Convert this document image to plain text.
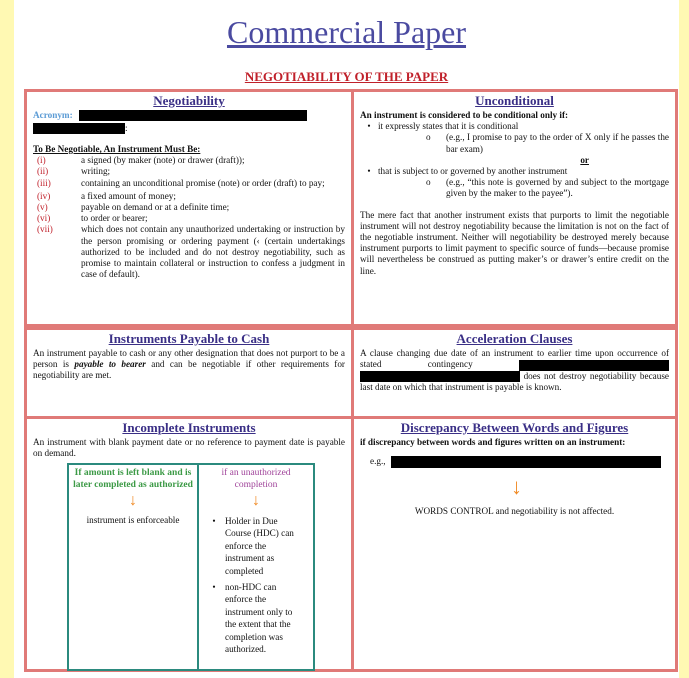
Commercial Paper
NEGOTIABILITY OF THE PAPER
Negotiability
Acronym:
:
To Be Negotiable, An Instrument Must Be:
(i)	a signed (by maker (note) or drawer (draft));
(ii)	writing;
(iii)	containing an unconditional promise (note) or order (draft) to pay;
(iv)	a fixed amount of money;
(v)	payable on demand or at a definite time;
(vi)	to order or bearer;
(vii)	which does not contain any unauthorized undertaking or instruction by the person promising or ordering payment (‹ (certain undertakings authorized to be included and do not destroy negotiability, such as promise to maintain collateral or instruction to confess a judgment in case of default).
Unconditional
An instrument is considered to be conditional only if:
• it expressly states that it is conditional
o	(e.g., I promise to pay to the order of X only if he passes the bar exam)
or
• that is subject to or governed by another instrument
o	(e.g., “this note is governed by and subject to the mortgage given by the maker to the payee”).
The mere fact that another instrument exists that purports to limit the negotiable instrument will not destroy negotiability because the limitation is not on the fact of the negotiable instrument. Neither will negotiability be destroyed merely because instrument purports to limit payment to specific source of funds—because promise will nevertheless be construed as putting maker’s or drawer’s entire credit on the line.
Instruments Payable to Cash
An instrument payable to cash or any other designation that does not purport to be a person is payable to bearer and can be negotiable if other requirements for negotiability are met.
Acceleration Clauses
A clause changing due date of an instrument to earlier time upon occurrence of stated contingency   does not destroy negotiability because last date on which that instrument is payable is known.
Incomplete Instruments
An instrument with blank payment date or no reference to payment date is payable on demand.
If amount is left blank and is later completed as authorized
↓
instrument is enforceable
if an unauthorized completion
↓
•	Holder in Due Course (HDC) can enforce the instrument as completed
•	non-HDC can enforce the instrument only to the extent that the completion was authorized.
Discrepancy Between Words and Figures
if discrepancy between words and figures written on an instrument:
e.g.,
↓
WORDS CONTROL and negotiability is not affected.
